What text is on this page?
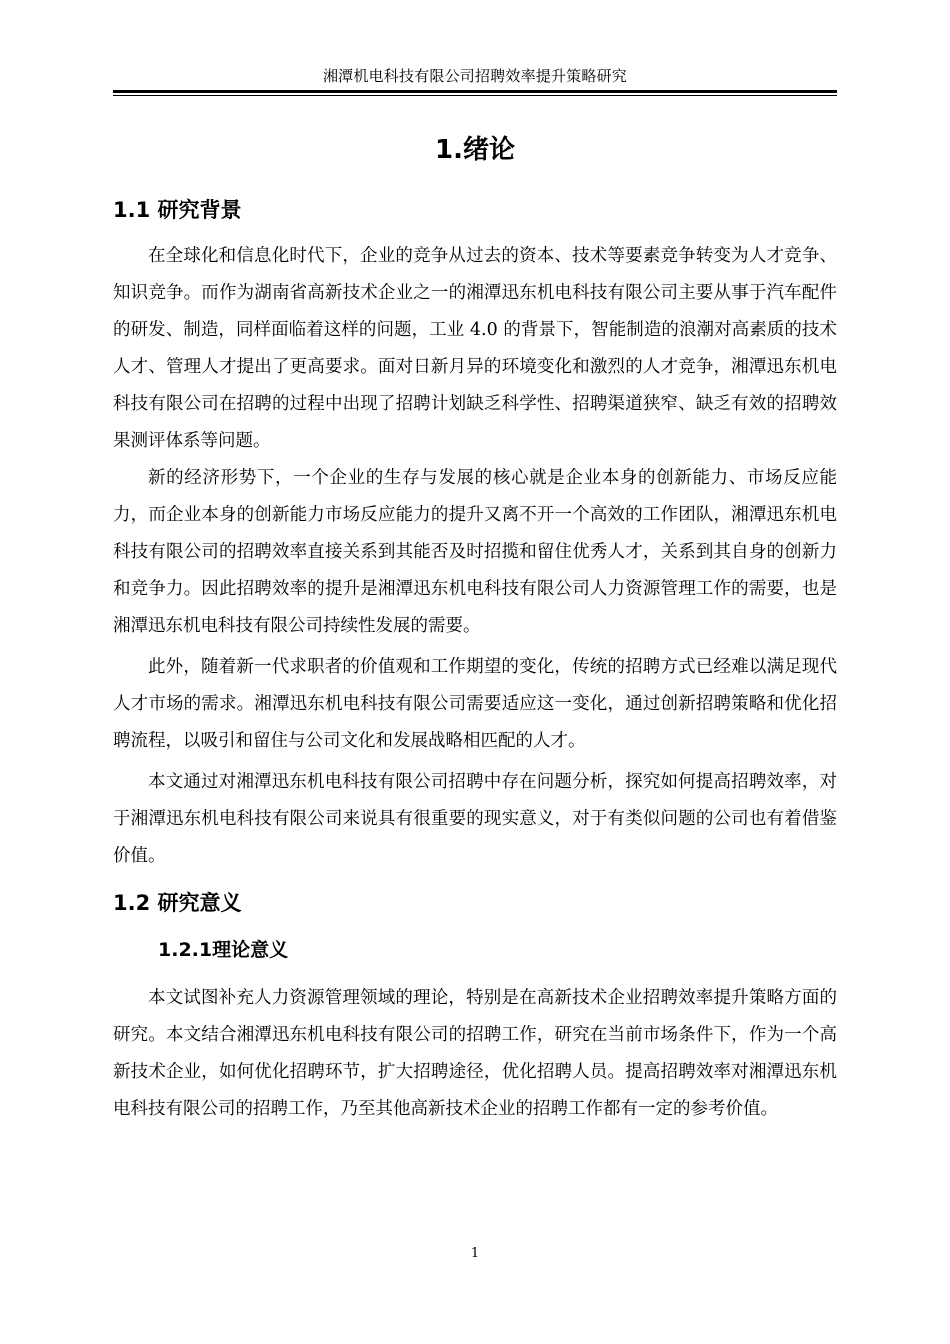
湘潭机电科技有限公司招聘效率提升策略研究
1.绪论
1.1 研究背景

在全球化和信息化时代下，企业的竞争从过去的资本、技术等要素竞争转变为人才竞争、知识竞争。而作为湖南省高新技术企业之一的湘潭迅东机电科技有限公司主要从事于汽车配件的研发、制造，同样面临着这样的问题，工业 4.0 的背景下，智能制造的浪潮对高素质的技术人才、管理人才提出了更高要求。面对日新月异的环境变化和激烈的人才竞争，湘潭迅东机电科技有限公司在招聘的过程中出现了招聘计划缺乏科学性、招聘渠道狭窄、缺乏有效的招聘效果测评体系等问题。

新的经济形势下，一个企业的生存与发展的核心就是企业本身的创新能力、市场反应能力，而企业本身的创新能力市场反应能力的提升又离不开一个高效的工作团队，湘潭迅东机电科技有限公司的招聘效率直接关系到其能否及时招揽和留住优秀人才，关系到其自身的创新力和竞争力。因此招聘效率的提升是湘潭迅东机电科技有限公司人力资源管理工作的需要，也是湘潭迅东机电科技有限公司持续性发展的需要。

此外，随着新一代求职者的价值观和工作期望的变化，传统的招聘方式已经难以满足现代人才市场的需求。湘潭迅东机电科技有限公司需要适应这一变化，通过创新招聘策略和优化招聘流程，以吸引和留住与公司文化和发展战略相匹配的人才。

本文通过对湘潭迅东机电科技有限公司招聘中存在问题分析，探究如何提高招聘效率，对于湘潭迅东机电科技有限公司来说具有很重要的现实意义，对于有类似问题的公司也有着借鉴价值。

1.2 研究意义
1.2.1理论意义

本文试图补充人力资源管理领域的理论，特别是在高新技术企业招聘效率提升策略方面的研究。本文结合湘潭迅东机电科技有限公司的招聘工作，研究在当前市场条件下，作为一个高新技术企业，如何优化招聘环节，扩大招聘途径，优化招聘人员。提高招聘效率对湘潭迅东机电科技有限公司的招聘工作，乃至其他高新技术企业的招聘工作都有一定的参考价值。

1
